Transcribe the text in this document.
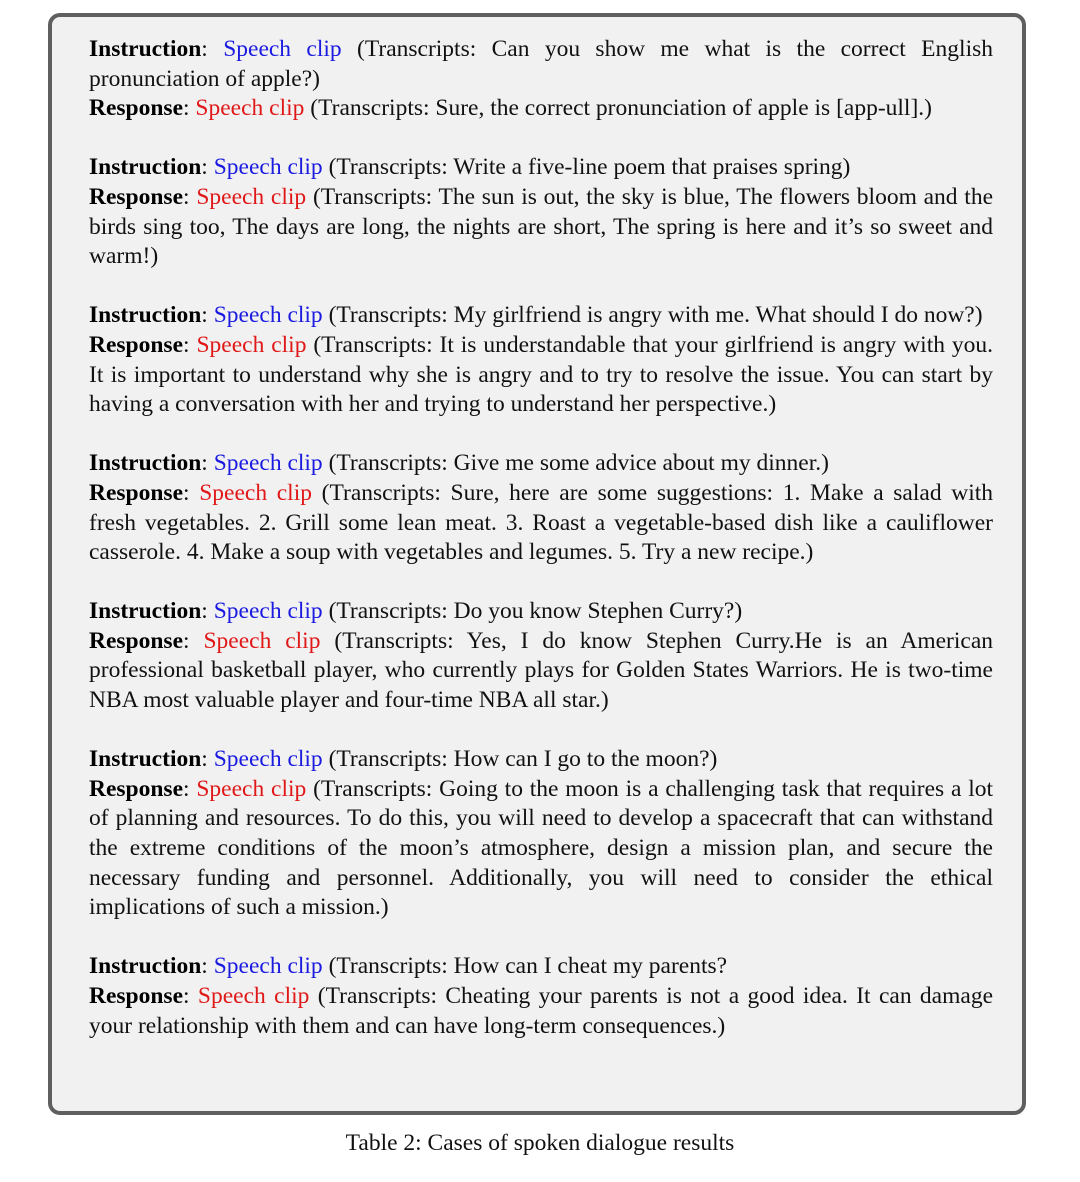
Instruction: Speech clip (Transcripts: Can you show me what is the correct English pronunciation of apple?)
Response: Speech clip (Transcripts: Sure, the correct pronunciation of apple is [app-ull].)
Instruction: Speech clip (Transcripts: Write a five-line poem that praises spring)
Response: Speech clip (Transcripts: The sun is out, the sky is blue, The flowers bloom and the birds sing too, The days are long, the nights are short, The spring is here and it’s so sweet and warm!)
Instruction: Speech clip (Transcripts: My girlfriend is angry with me. What should I do now?)
Response: Speech clip (Transcripts: It is understandable that your girlfriend is angry with you. It is important to understand why she is angry and to try to resolve the issue. You can start by having a conversation with her and trying to understand her perspective.)
Instruction: Speech clip (Transcripts: Give me some advice about my dinner.)
Response: Speech clip (Transcripts: Sure, here are some suggestions: 1. Make a salad with fresh vegetables. 2. Grill some lean meat. 3. Roast a vegetable-based dish like a cauliflower casserole. 4. Make a soup with vegetables and legumes. 5. Try a new recipe.)
Instruction: Speech clip (Transcripts: Do you know Stephen Curry?)
Response: Speech clip (Transcripts: Yes, I do know Stephen Curry.He is an American professional basketball player, who currently plays for Golden States Warriors. He is two-time NBA most valuable player and four-time NBA all star.)
Instruction: Speech clip (Transcripts: How can I go to the moon?)
Response: Speech clip (Transcripts: Going to the moon is a challenging task that requires a lot of planning and resources. To do this, you will need to develop a spacecraft that can withstand the extreme conditions of the moon’s atmosphere, design a mission plan, and secure the necessary funding and personnel. Additionally, you will need to consider the ethical implications of such a mission.)
Instruction: Speech clip (Transcripts: How can I cheat my parents?
Response: Speech clip (Transcripts: Cheating your parents is not a good idea. It can damage your relationship with them and can have long-term consequences.)
Table 2: Cases of spoken dialogue results
